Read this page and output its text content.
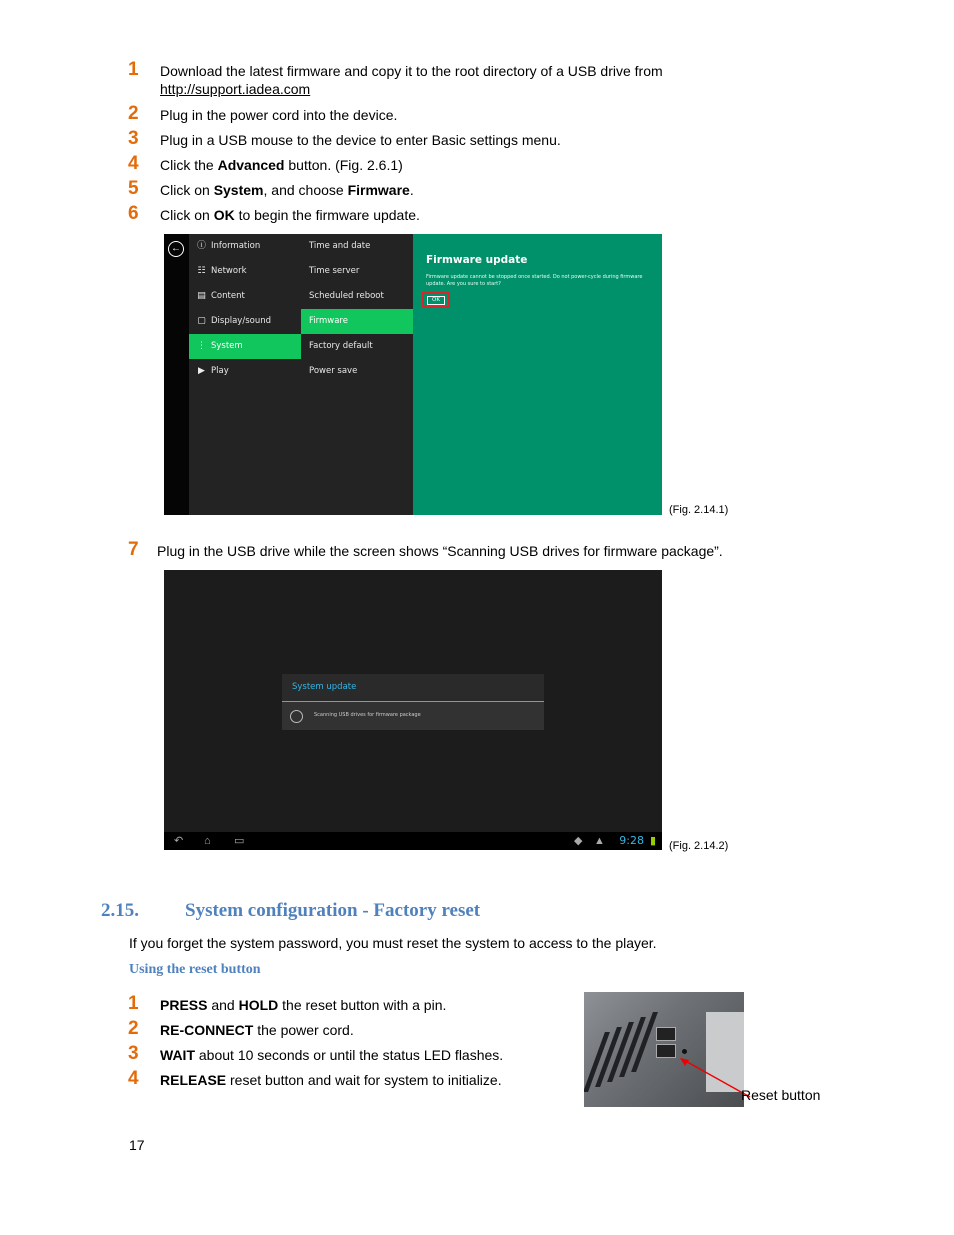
1 Download the latest firmware and copy it to the root directory of a USB drive from
http://support.iadea.com
2 Plug in the power cord into the device.
3 Plug in a USB mouse to the device to enter Basic settings menu.
4 Click the Advanced button. (Fig. 2.6.1)
5 Click on System, and choose Firmware.
6 Click on OK to begin the firmware update.
←	ⓘ Information
☷ Network
▤ Content
▢ Display/sound
⋮ System
▶ Play
Time and date
Time server
Scheduled reboot
Firmware
Factory default
Power save
Firmware update
Firmware update cannot be stopped once started. Do not power-cycle during firmware update. Are you sure to start?
OK
(Fig. 2.14.1)
7 Plug in the USB drive while the screen shows “Scanning USB drives for firmware package”.
System update
Scanning USB drives for firmware package
↶ ⌂ ▭	◆ ▲ 9:28 ▮ (Fig. 2.14.2)
2.15. System configuration - Factory reset
If you forget the system password, you must reset the system to access to the player.
Using the reset button
1 PRESS and HOLD the reset button with a pin.
2 RE-CONNECT the power cord.
3 WAIT about 10 seconds or until the status LED flashes.
4 RELEASE reset button and wait for system to initialize.
Reset button
17
